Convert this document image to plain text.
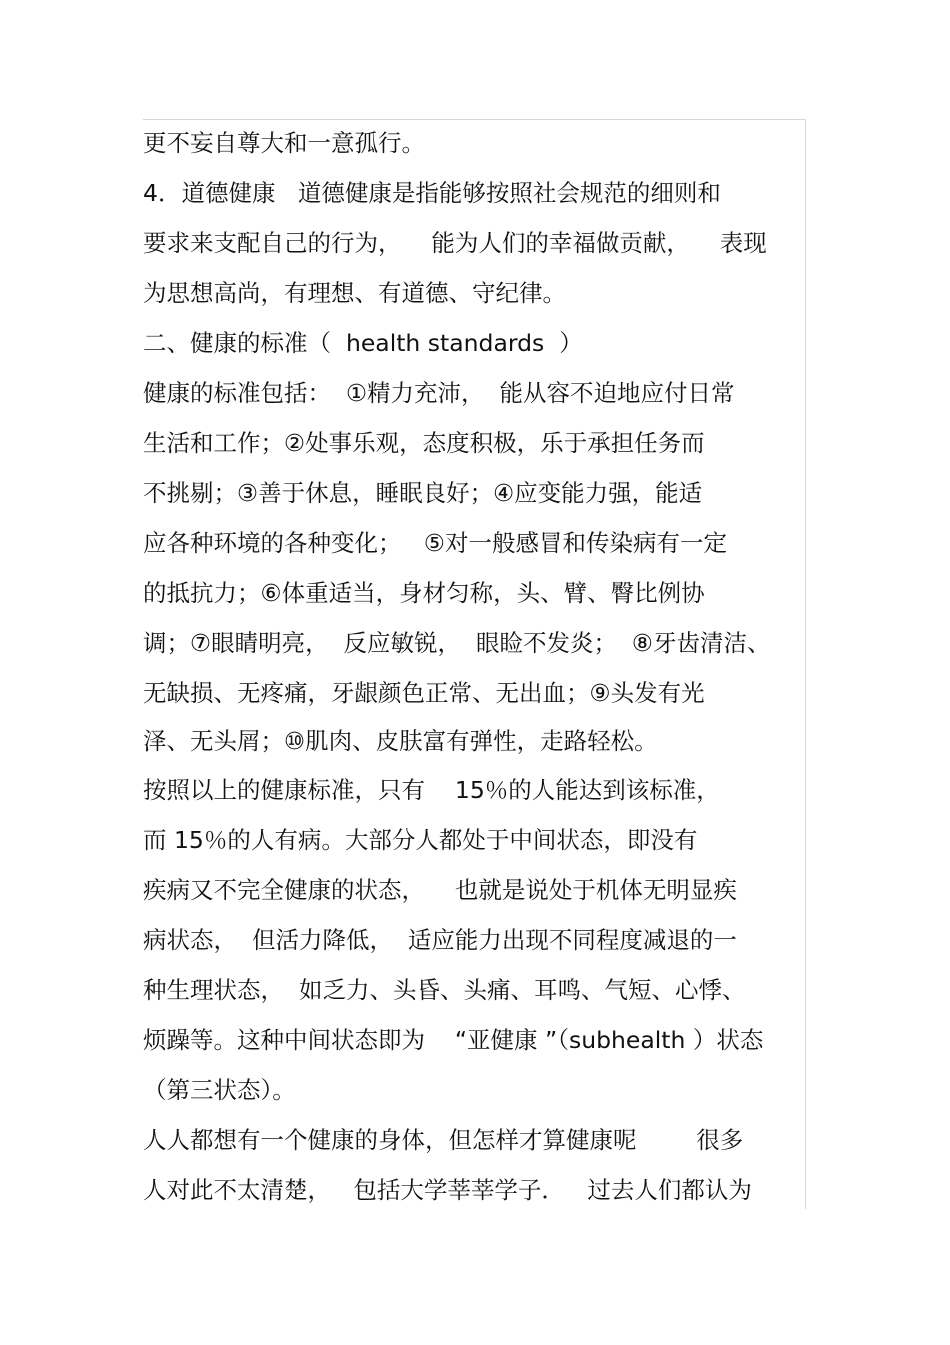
更不妄自尊大和一意孤行。
4．道德健康   道德健康是指能够按照社会规范的细则和
要求来支配自己的行为，    能为人们的幸福做贡献，    表现
为思想高尚，有理想、有道德、守纪律。
二、健康的标准（  health standards  ）
健康的标准包括：  ①精力充沛，  能从容不迫地应付日常
生活和工作；②处事乐观，态度积极，乐于承担任务而
不挑剔；③善于休息，睡眠良好；④应变能力强，能适
应各种环境的各种变化；   ⑤对一般感冒和传染病有一定
的抵抗力；⑥体重适当，身材匀称，头、臂、臀比例协
调；⑦眼睛明亮，  反应敏锐，  眼睑不发炎；  ⑧牙齿清洁、
无缺损、无疼痛，牙龈颜色正常、无出血；⑨头发有光
泽、无头屑；⑩肌肉、皮肤富有弹性，走路轻松。
按照以上的健康标准，只有    15％的人能达到该标准，
而 15％的人有病。大部分人都处于中间状态，即没有
疾病又不完全健康的状态，    也就是说处于机体无明显疾
病状态，  但活力降低，  适应能力出现不同程度减退的一
种生理状态，  如乏力、头昏、头痛、耳鸣、气短、心悸、
烦躁等。这种中间状态即为    “亚健康 ”（subhealth ）状态
（第三状态）。
人人都想有一个健康的身体，但怎样才算健康呢        很多
人对此不太清楚，   包括大学莘莘学子．   过去人们都认为
